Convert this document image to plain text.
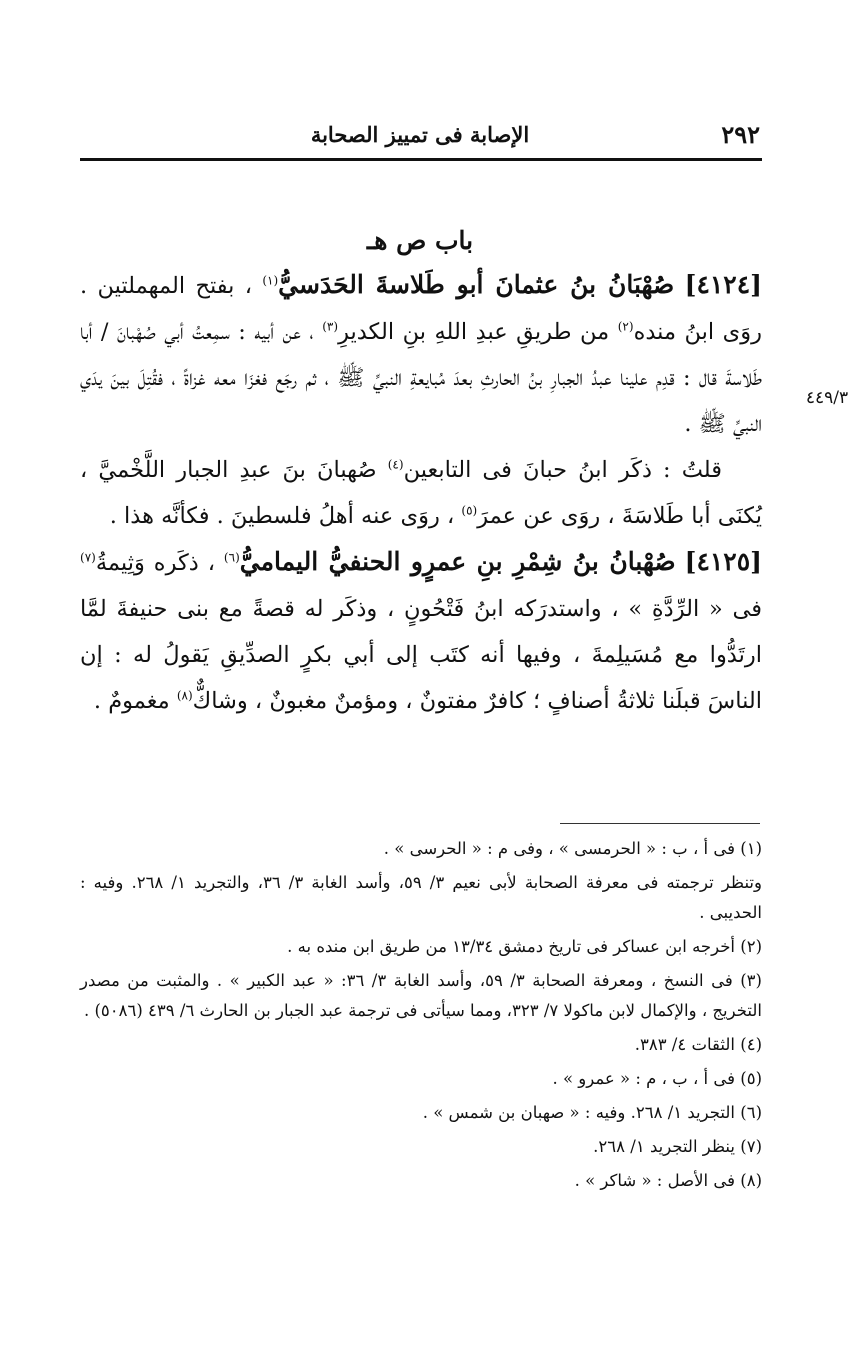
٢٩٢
الإصابة فى تمييز الصحابة
باب ص هـ
٤٤٩/٣

[٤١٢٤] صُهْبَانُ بنُ عثمانَ أبو طَلاسةَ الحَدَسيُّ$^{(١)}$ ، بفتح المهملتين . روَى ابنُ منده$^{(٢)}$ من طريقِ عبدِ اللهِ بنِ الكديرِ$^{(٣)}$ ، عن أبيه : سمِعتُ أبي صُهْبانَ / أبا طَلاسةَ قال : قدِم علينا عبدُ الجبارِ بنُ الحارثِ بعدَ مُبايعةِ النبيِّ ﷺ ، ثم رجَع فغزَا معه غزاةً ، فقُتِلَ بينَ يدَي النبيِّ ﷺ .

قلتُ : ذكَر ابنُ حبانَ فى التابعين$^{(٤)}$ صُهبانَ بنَ عبدِ الجبار اللَّخْميَّ ، يُكنَى أبا طَلاسَةَ ، روَى عن عمرَ$^{(٥)}$ ، روَى عنه أهلُ فلسطينَ . فكأنَّه هذا .

[٤١٢٥] صُهْبانُ بنُ شِمْرِ بنِ عمرٍو الحنفيُّ اليماميُّ$^{(٦)}$ ، ذكَره وَثِيمةُ$^{(٧)}$ فى « الرِّدَّةِ » ، واستدرَكه ابنُ فَتْحُونٍ ، وذكَر له قصةً مع بنى حنيفةَ لمَّا ارتَدُّوا مع مُسَيلِمةَ ، وفيها أنه كتَب إلى أبي بكرٍ الصدِّيقِ يَقولُ له : إن الناسَ قبلَنا ثلاثةُ أصنافٍ ؛ كافرٌ مفتونٌ ، ومؤمنٌ مغبونٌ ، وشاكٌّ$^{(٨)}$ مغمومٌ .

(١) فى أ ، ب : « الحرمسى » ، وفى م : « الحرسى » .

وتنظر ترجمته فى معرفة الصحابة لأبى نعيم ٣/ ٥٩، وأسد الغابة ٣/ ٣٦، والتجريد ١/ ٢٦٨. وفيه : الحديبى .

(٢) أخرجه ابن عساكر فى تاريخ دمشق ١٣/٣٤ من طريق ابن منده به .

(٣) فى النسخ ، ومعرفة الصحابة ٣/ ٥٩، وأسد الغابة ٣/ ٣٦: « عبد الكبير » . والمثبت من مصدر التخريج ، والإكمال لابن ماكولا ٧/ ٣٢٣، ومما سيأتى فى ترجمة عبد الجبار بن الحارث ٦/ ٤٣٩ (٥٠٨٦) .

(٤) الثقات ٤/ ٣٨٣.

(٥) فى أ ، ب ، م : « عمرو » .

(٦) التجريد ١/ ٢٦٨. وفيه : « صهبان بن شمس » .

(٧) ينظر التجريد ١/ ٢٦٨.

(٨) فى الأصل : « شاكر » .
